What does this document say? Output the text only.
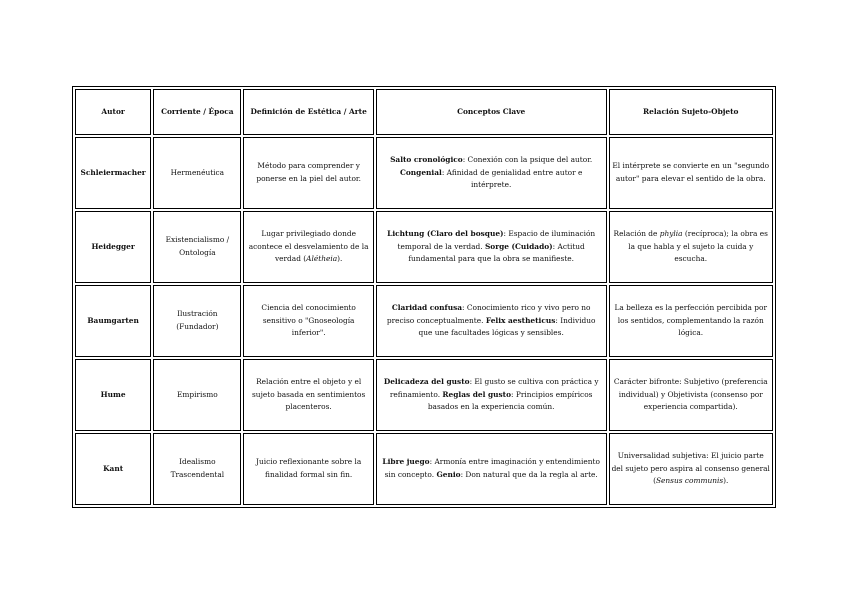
Autor	Corriente / Época	Definición de Estética / Arte	Conceptos Clave	Relación Sujeto-Objeto
Schleiermacher	Hermenéutica	Método para comprender y ponerse en la piel del autor.	Salto cronológico: Conexión con la psique del autor. Congenial: Afinidad de genialidad entre autor e intérprete.	El intérprete se convierte en un "segundo autor" para elevar el sentido de la obra.
Heidegger	Existencialismo / Ontología	Lugar privilegiado donde acontece el desvelamiento de la verdad (Alétheia).	Lichtung (Claro del bosque): Espacio de iluminación temporal de la verdad. Sorge (Cuidado): Actitud fundamental para que la obra se manifieste.	Relación de phylia (recíproca); la obra es la que habla y el sujeto la cuida y escucha.
Baumgarten	Ilustración (Fundador)	Ciencia del conocimiento sensitivo o "Gnoseología inferior".	Claridad confusa: Conocimiento rico y vivo pero no preciso conceptualmente. Felix aestheticus: Individuo que une facultades lógicas y sensibles.	La belleza es la perfección percibida por los sentidos, complementando la razón lógica.
Hume	Empirismo	Relación entre el objeto y el sujeto basada en sentimientos placenteros.	Delicadeza del gusto: El gusto se cultiva con práctica y refinamiento. Reglas del gusto: Principios empíricos basados en la experiencia común.	Carácter bifronte: Subjetivo (preferencia individual) y Objetivista (consenso por experiencia compartida).
Kant	Idealismo Trascendental	Juicio reflexionante sobre la finalidad formal sin fin.	Libre juego: Armonía entre imaginación y entendimiento sin concepto. Genio: Don natural que da la regla al arte.	Universalidad subjetiva: El juicio parte del sujeto pero aspira al consenso general (Sensus communis).
